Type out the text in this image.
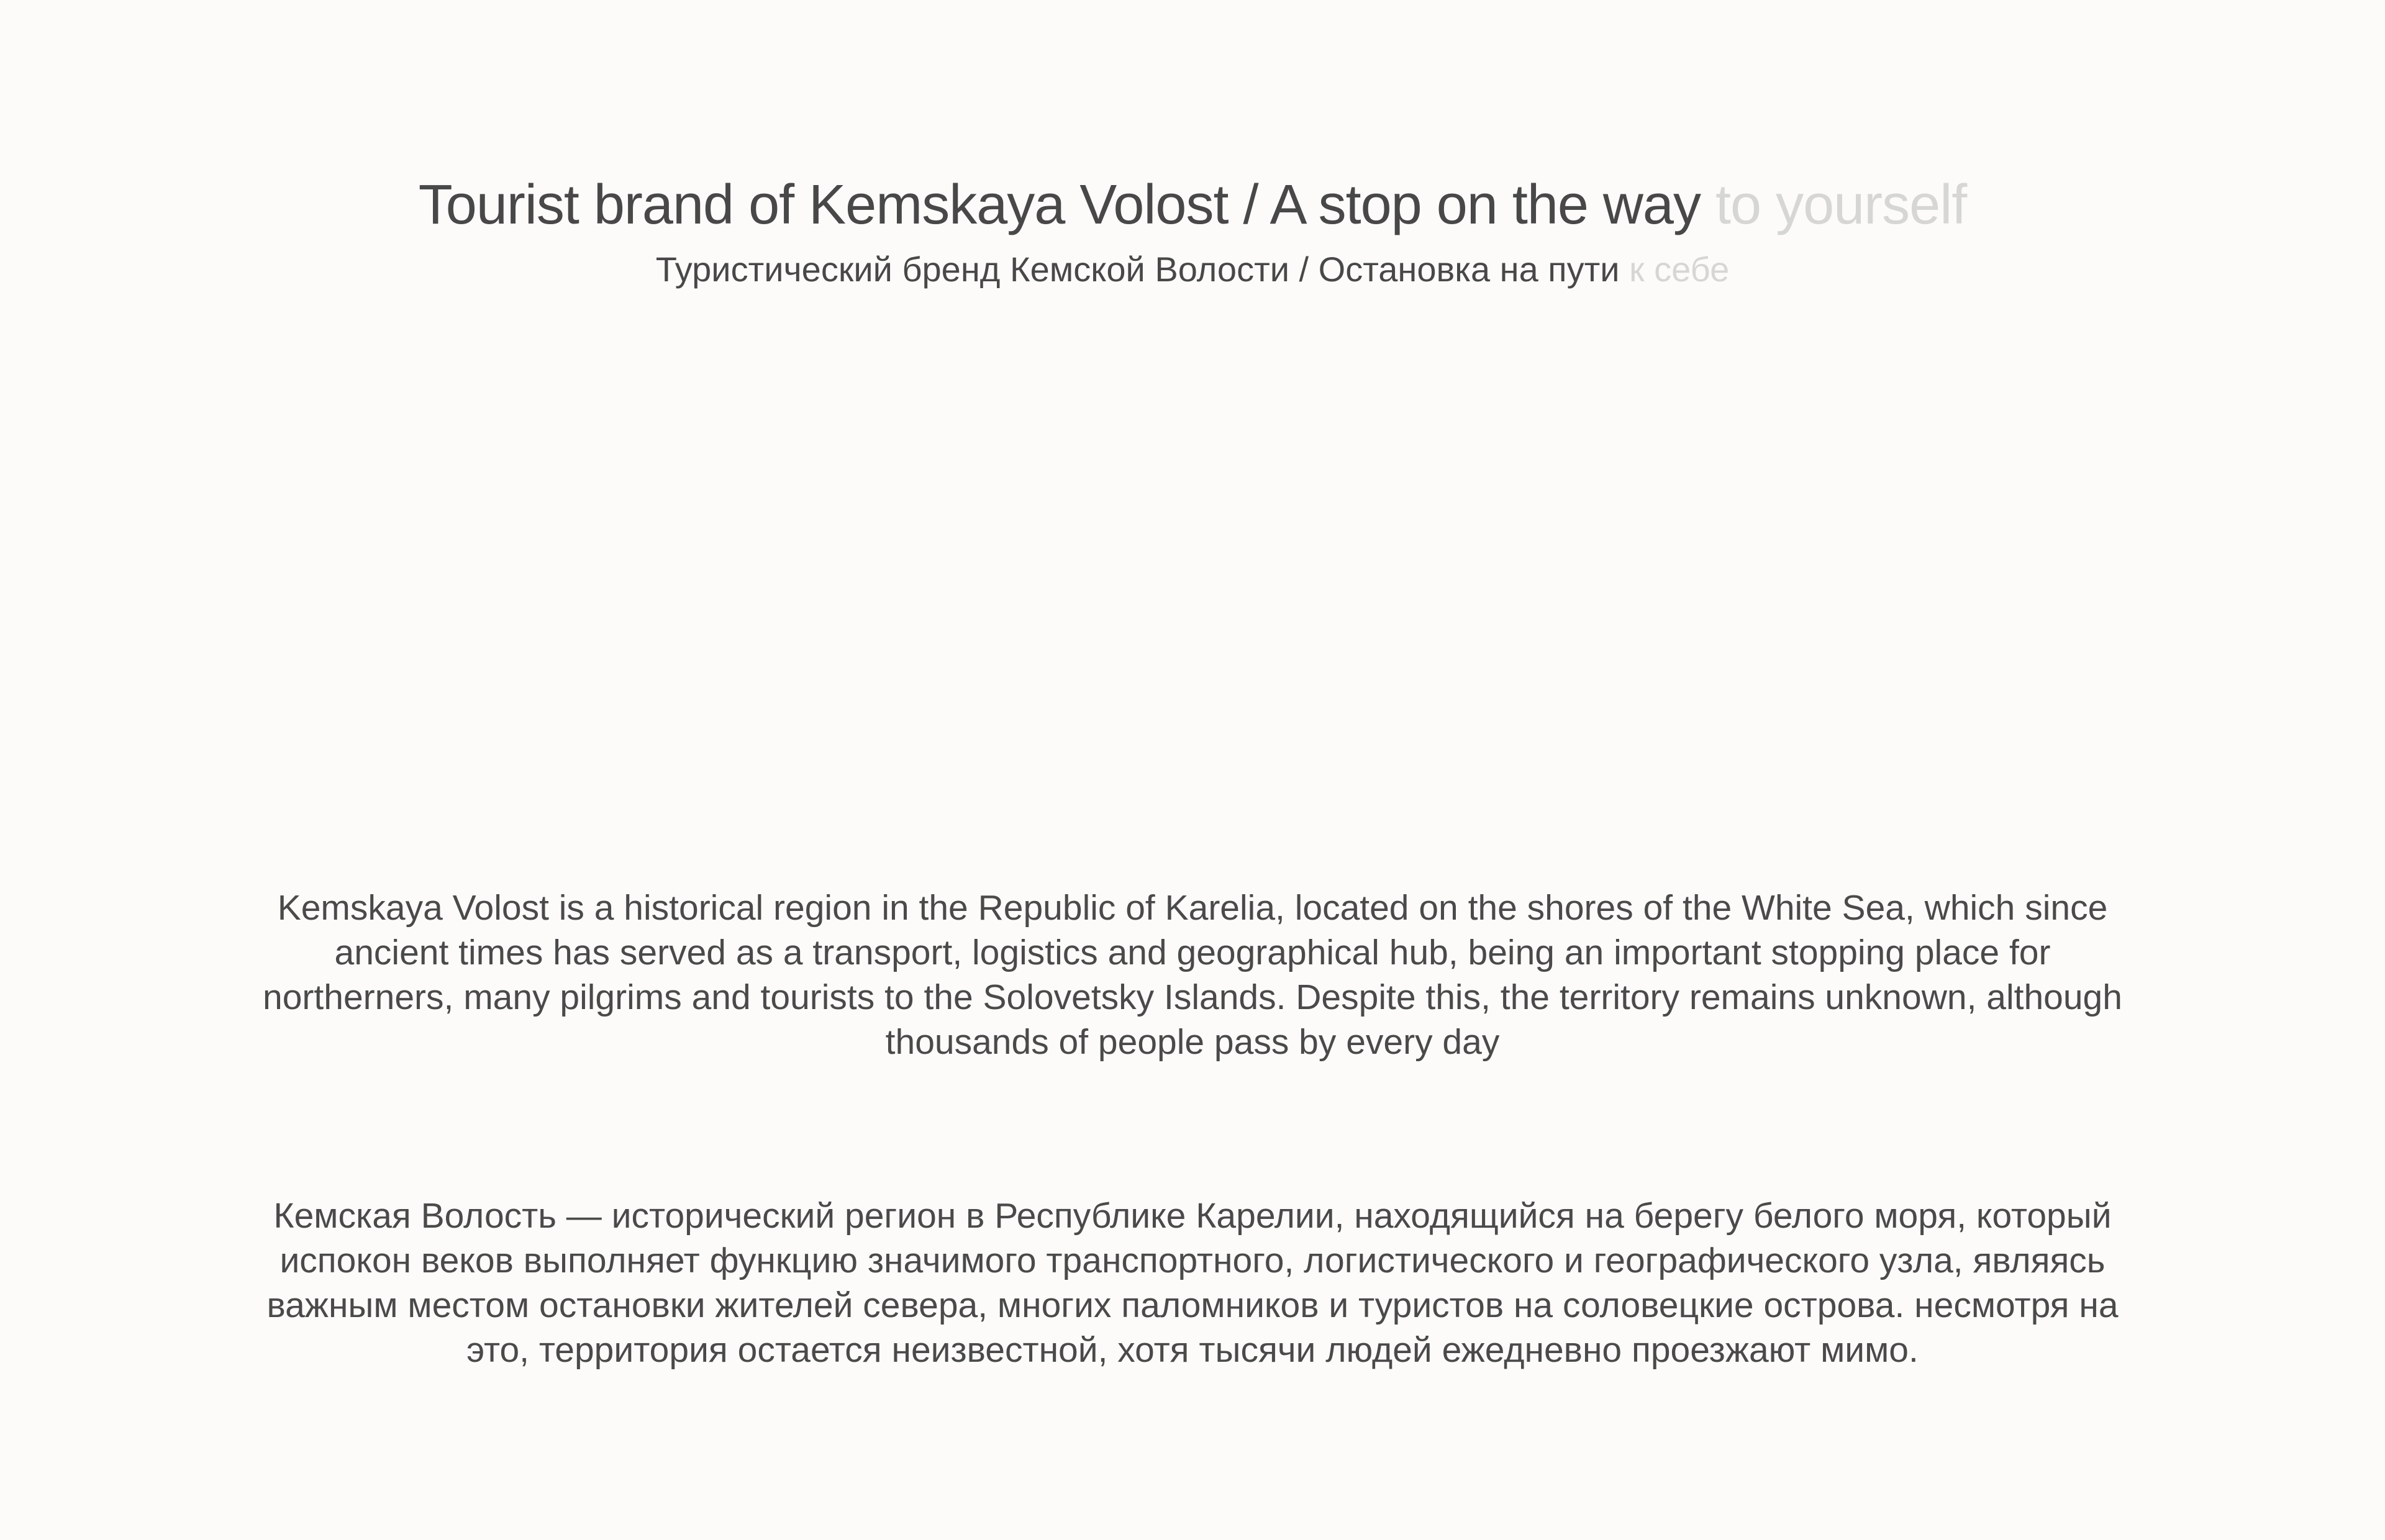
Tourist brand of Kemskaya Volost / A stop on the way to yourself
Туристический бренд Кемской Волости / Остановка на пути к себе

Kemskaya Volost is a historical region in the Republic of Karelia, located on the shores of the White Sea, which since ancient times has served as a transport, logistics and geographical hub, being an important stopping place for northerners, many pilgrims and tourists to the Solovetsky Islands. Despite this, the territory remains unknown, although thousands of people pass by every day

Кемская Волость — исторический регион в Республике Карелии, находящийся на берегу белого моря, который испокон веков выполняет функцию значимого транспортного, логистического и географического узла, являясь важным местом остановки жителей севера, многих паломников и туристов на соловецкие острова. несмотря на это, территория остается неизвестной, хотя тысячи людей ежедневно проезжают мимо.
